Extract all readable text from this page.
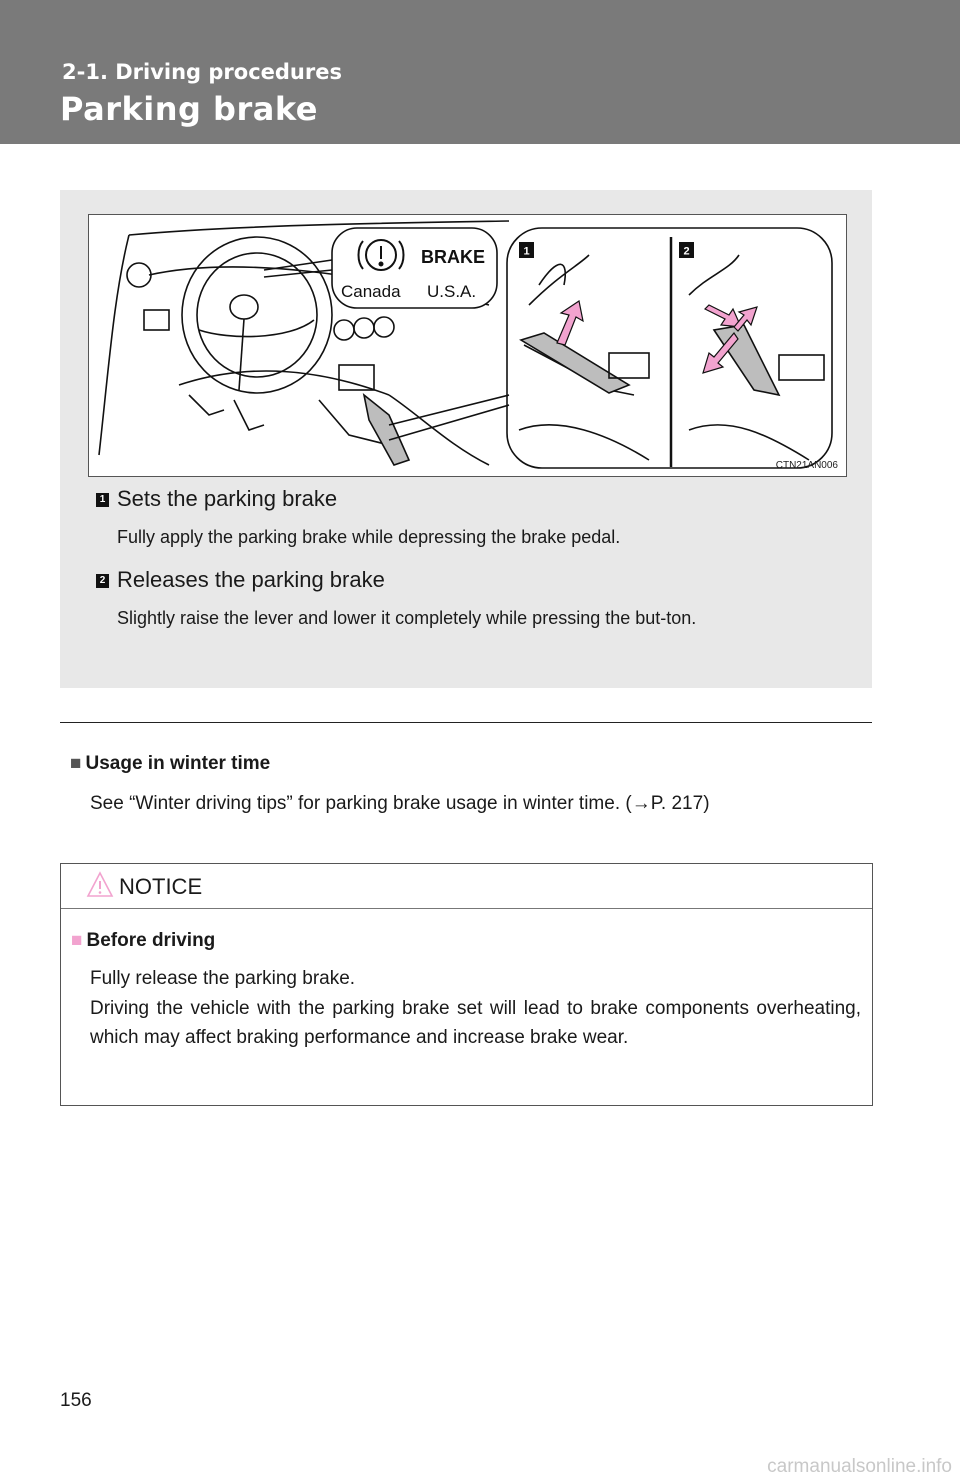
2-1. Driving procedures
Parking brake
BRAKE
Canada U.S.A.
1	2
CTN21AN006
1 Sets the parking brake
Fully apply the parking brake while depressing the brake pedal.
2 Releases the parking brake
Slightly raise the lever and lower it completely while pressing the but-ton.
■ Usage in winter time
See “Winter driving tips” for parking brake usage in winter time. (→P. 217)
NOTICE
■ Before driving
Fully release the parking brake.
Driving the vehicle with the parking brake set will lead to brake components overheating, which may affect braking performance and increase brake wear.
156
carmanualsonline.info
